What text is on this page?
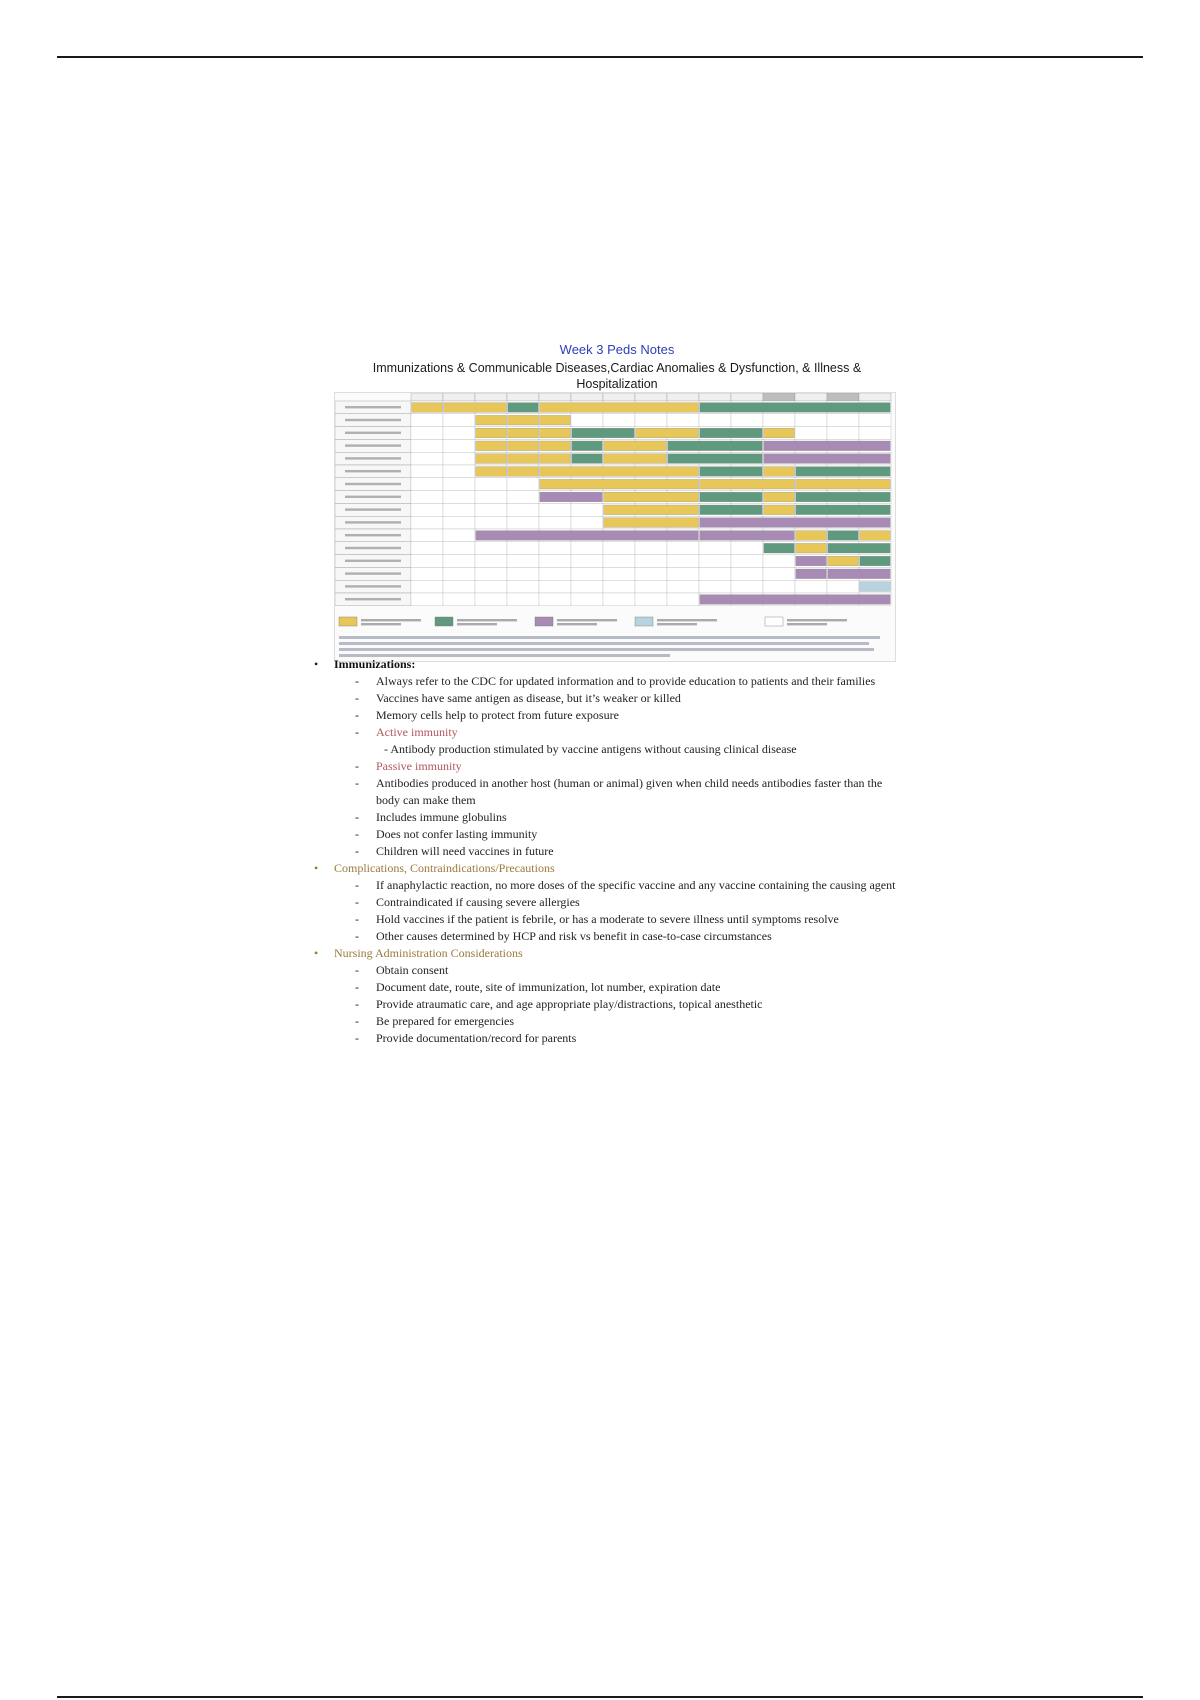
Week 3 Peds Notes
Immunizations & Communicable Diseases,Cardiac Anomalies & Dysfunction, & Illness & Hospitalization
• Immunizations:
- Always refer to the CDC for updated information and to provide education to patients and their families
- Vaccines have same antigen as disease, but it’s weaker or killed
- Memory cells help to protect from future exposure
- Active immunity
- Antibody production stimulated by vaccine antigens without causing clinical disease
- Passive immunity
- Antibodies produced in another host (human or animal) given when child needs antibodies faster than the body can make them
- Includes immune globulins
- Does not confer lasting immunity
- Children will need vaccines in future
• Complications, Contraindications/Precautions
- If anaphylactic reaction, no more doses of the specific vaccine and any vaccine containing the causing agent
- Contraindicated if causing severe allergies
- Hold vaccines if the patient is febrile, or has a moderate to severe illness until symptoms resolve
- Other causes determined by HCP and risk vs benefit in case-to-case circumstances
• Nursing Administration Considerations
- Obtain consent
- Document date, route, site of immunization, lot number, expiration date
- Provide atraumatic care, and age appropriate play/distractions, topical anesthetic
- Be prepared for emergencies
- Provide documentation/record for parents
